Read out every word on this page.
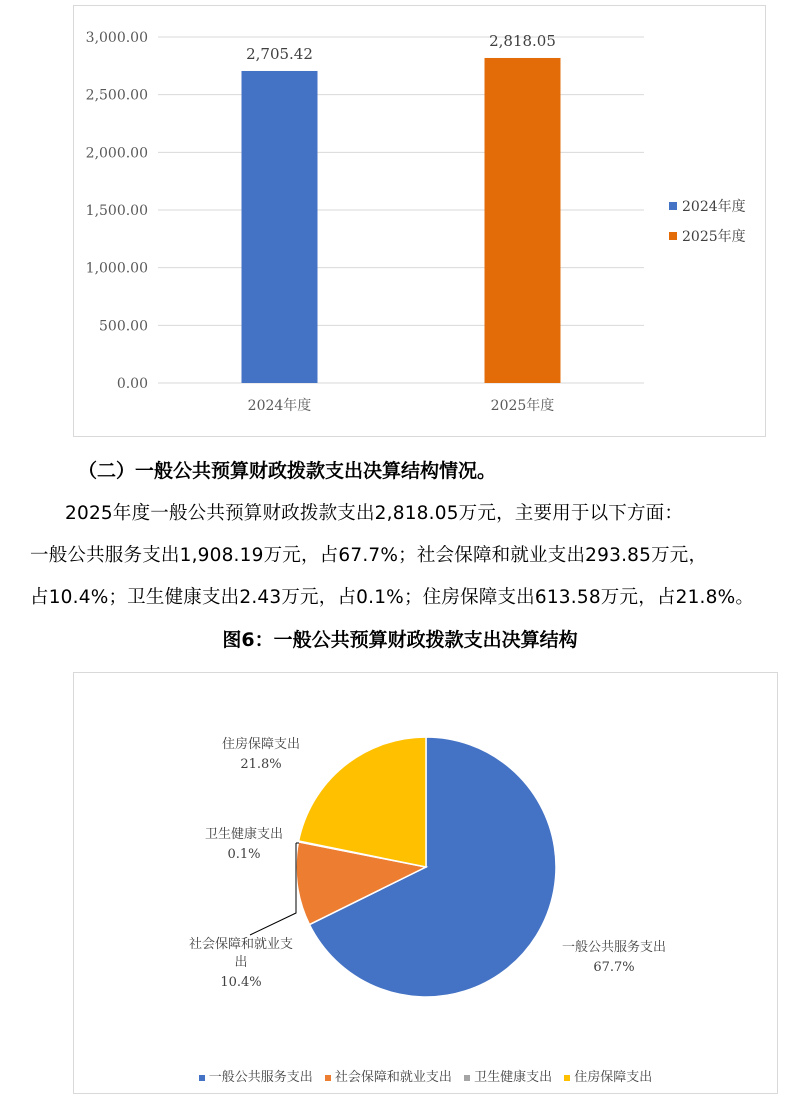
0.00
500.00
1,000.00
1,500.00
2,000.00
2,500.00
3,000.00
2,705.42
2,818.05
2024年度	2025年度
2024年度
2025年度
（二）一般公共预算财政拨款支出决算结构情况。
2025年度一般公共预算财政拨款支出2,818.05万元，主要用于以下方面：
一般公共服务支出1,908.19万元，占67.7%；社会保障和就业支出293.85万元，
占10.4%；卫生健康支出2.43万元，占0.1%；住房保障支出613.58万元，占21.8%。
图6：一般公共预算财政拨款支出决算结构
住房保障支出
21.8%
卫生健康支出
0.1%
社会保障和就业支
出
10.4%
一般公共服务支出
67.7%
一般公共服务支出 社会保障和就业支出 卫生健康支出 住房保障支出
